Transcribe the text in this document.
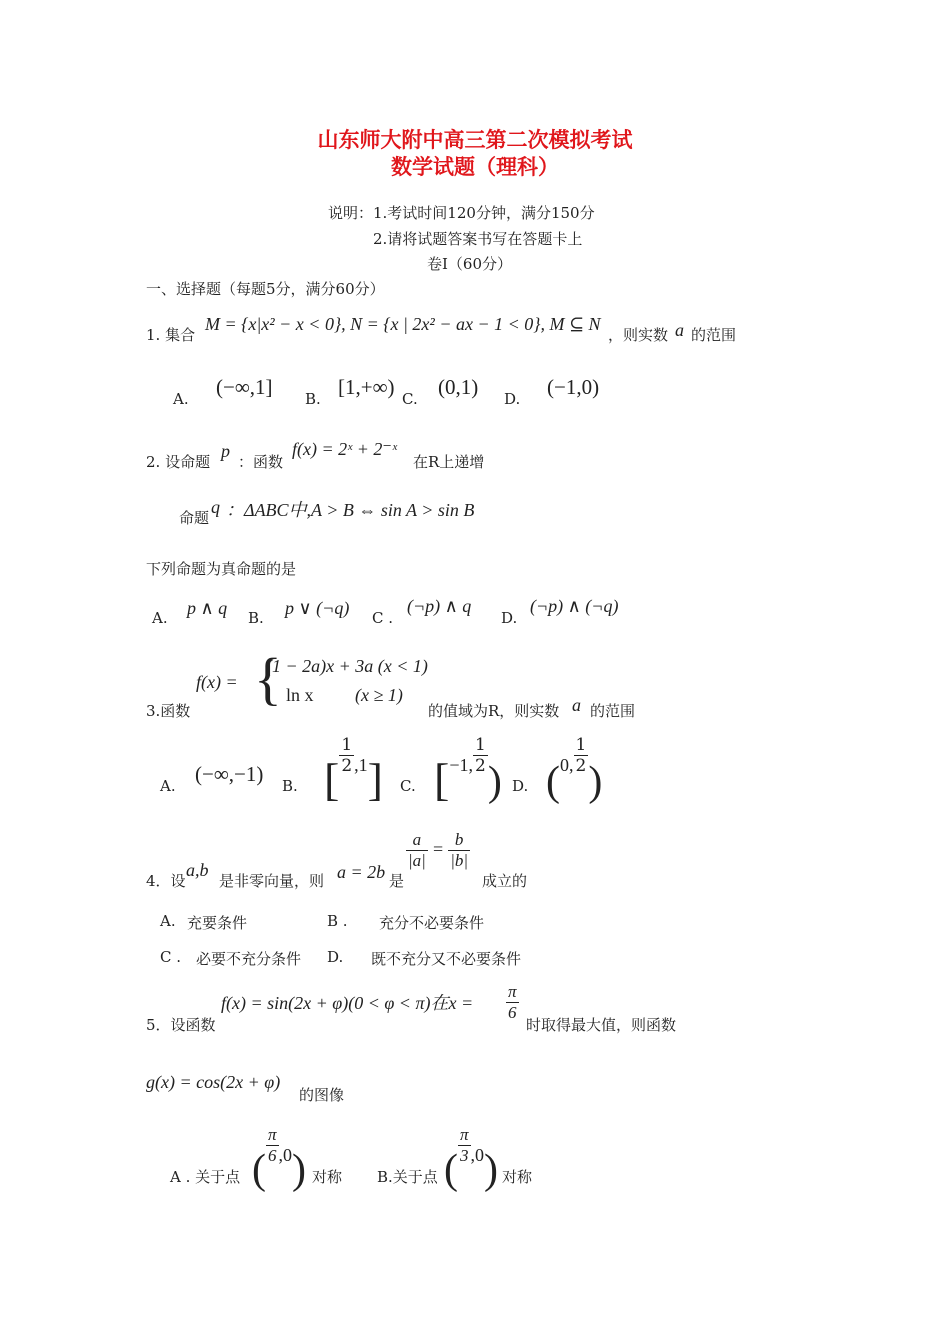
山东师大附中高三第二次模拟考试
数学试题（理科）
说明：1.考试时间120分钟，满分150分
2.请将试题答案书写在答题卡上
卷Ⅰ（60分）
一、选择题（每题5分，满分60分）
1. 集合
M = {x|x² − x < 0}, N = {x | 2x² − ax − 1 < 0}, M ⊆ N
，则实数 a 的范围
A. (−∞,1] B. [1,+∞) C. (0,1) D. (−1,0)
2. 设命题
p
：函数
f(x) = 2ˣ + 2⁻ˣ
在R上递增
命题
q ：ΔABC中,A > B ⇔ sin A > sin B
下列命题为真命题的是
A. p ∧ q B. p ∨ (¬q) C .
(¬p) ∧ q
D.
(¬p) ∧ (¬q)
3.函数
f(x) = {
(1 − 2a)x + 3a (x < 1)
ln x (x ≥ 1)
的值域为R，则实数 a 的范围
A. (−∞,−1) B. [ $\frac{1}{2} ,1$] C. [−1, $\frac{1}{2}$
) D. (0, $\frac{1}{2}$
)
4．设
a,b
是非零向量，则 a = 2b 是
$\frac{a}{|a|} = \frac{b}{|b|}$
成立的
A. 充要条件	B . 充分不必要条件
C . 必要不充分条件 D. 既不充分又不必要条件
5．设函数
f(x) = sin(2x + φ)(0 < φ < π)在$x = \frac{\pi}{6}$
时取得最大值，则函数
g(x) = cos(2x + φ)
的图像
A . 关于点 (
$\frac{\pi}{6} ,0$) 对称 B.关于点 (
$\frac{\pi}{3} ,0$) 对称
